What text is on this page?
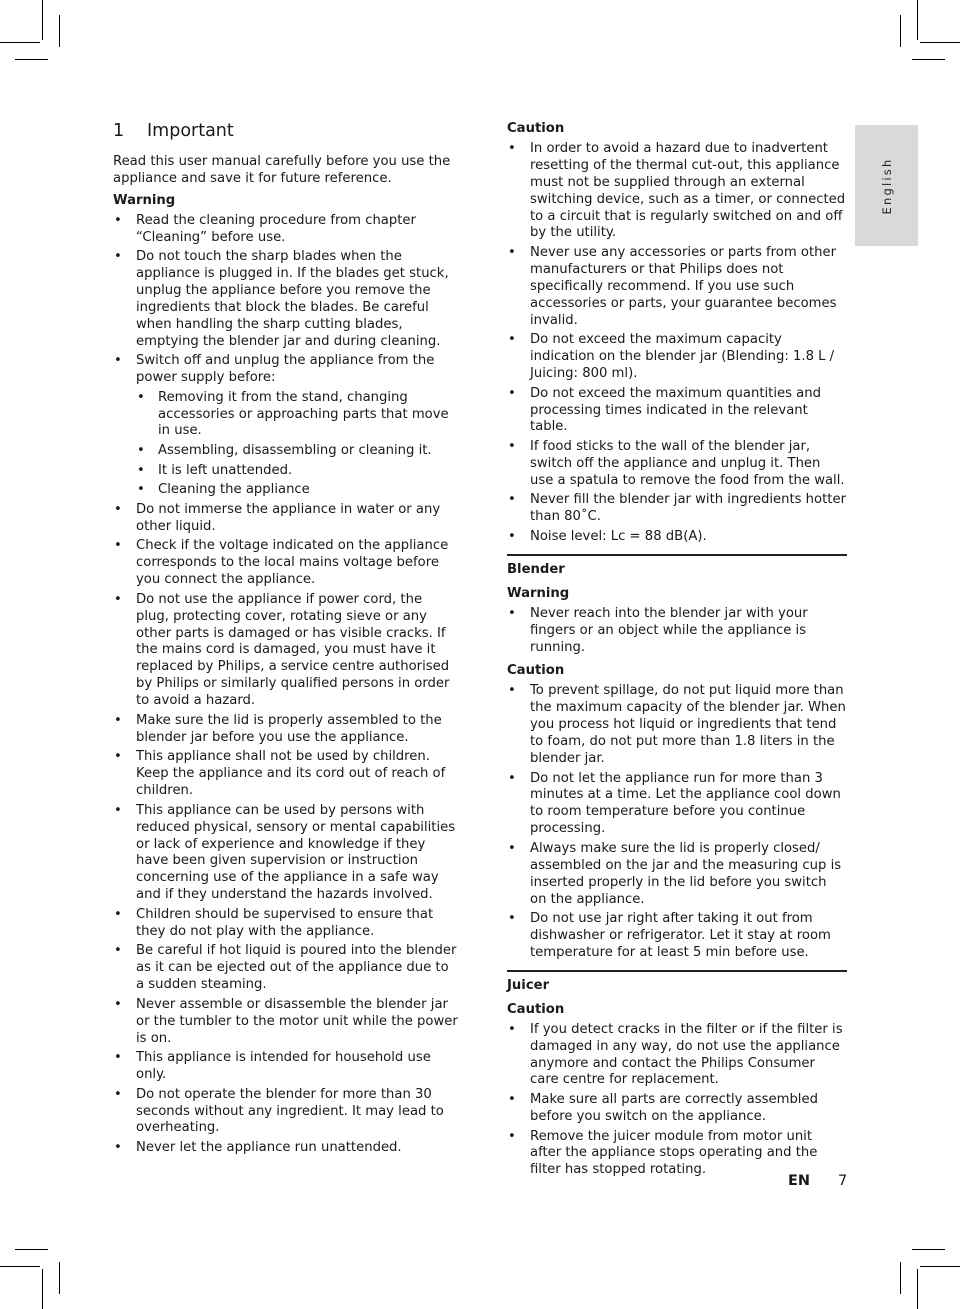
English
1 Important

Read this user manual carefully before you use the appliance and save it for future reference.

Warning
• Read the cleaning procedure from chapter “Cleaning” before use.
• Do not touch the sharp blades when the appliance is plugged in. If the blades get stuck, unplug the appliance before you remove the ingredients that block the blades. Be careful when handling the sharp cutting blades, emptying the blender jar and during cleaning.
• Switch off and unplug the appliance from the power supply before:
• Removing it from the stand, changing accessories or approaching parts that move in use.
• Assembling, disassembling or cleaning it.
• It is left unattended.
• Cleaning the appliance
• Do not immerse the appliance in water or any other liquid.
• Check if the voltage indicated on the appliance corresponds to the local mains voltage before you connect the appliance.
• Do not use the appliance if power cord, the plug, protecting cover, rotating sieve or any other parts is damaged or has visible cracks. If the mains cord is damaged, you must have it replaced by Philips, a service centre authorised by Philips or similarly qualified persons in order to avoid a hazard.
• Make sure the lid is properly assembled to the blender jar before you use the appliance.
• This appliance shall not be used by children. Keep the appliance and its cord out of reach of children.
• This appliance can be used by persons with reduced physical, sensory or mental capabilities or lack of experience and knowledge if they have been given supervision or instruction concerning use of the appliance in a safe way and if they understand the hazards involved.
• Children should be supervised to ensure that they do not play with the appliance.
• Be careful if hot liquid is poured into the blender as it can be ejected out of the appliance due to a sudden steaming.
• Never assemble or disassemble the blender jar or the tumbler to the motor unit while the power is on.
• This appliance is intended for household use only.
• Do not operate the blender for more than 30 seconds without any ingredient. It may lead to overheating.
• Never let the appliance run unattended.
Caution
• In order to avoid a hazard due to inadvertent resetting of the thermal cut-out, this appliance must not be supplied through an external switching device, such as a timer, or connected to a circuit that is regularly switched on and off by the utility.
• Never use any accessories or parts from other manufacturers or that Philips does not specifically recommend. If you use such accessories or parts, your guarantee becomes invalid.
• Do not exceed the maximum capacity indication on the blender jar (Blending: 1.8 L / Juicing: 800 ml).
• Do not exceed the maximum quantities and processing times indicated in the relevant table.
• If food sticks to the wall of the blender jar, switch off the appliance and unplug it. Then use a spatula to remove the food from the wall.
• Never fill the blender jar with ingredients hotter than 80˚C.
• Noise level: Lc = 88 dB(A).
Blender
Warning
• Never reach into the blender jar with your fingers or an object while the appliance is running.
Caution
• To prevent spillage, do not put liquid more than the maximum capacity of the blender jar. When you process hot liquid or ingredients that tend to foam, do not put more than 1.8 liters in the blender jar.
• Do not let the appliance run for more than 3 minutes at a time. Let the appliance cool down to room temperature before you continue processing.
• Always make sure the lid is properly closed/ assembled on the jar and the measuring cup is inserted properly in the lid before you switch on the appliance.
• Do not use jar right after taking it out from dishwasher or refrigerator. Let it stay at room temperature for at least 5 min before use.
Juicer
Caution
• If you detect cracks in the filter or if the filter is damaged in any way, do not use the appliance anymore and contact the Philips Consumer care centre for replacement.
• Make sure all parts are correctly assembled before you switch on the appliance.
• Remove the juicer module from motor unit after the appliance stops operating and the filter has stopped rotating.
EN 7
